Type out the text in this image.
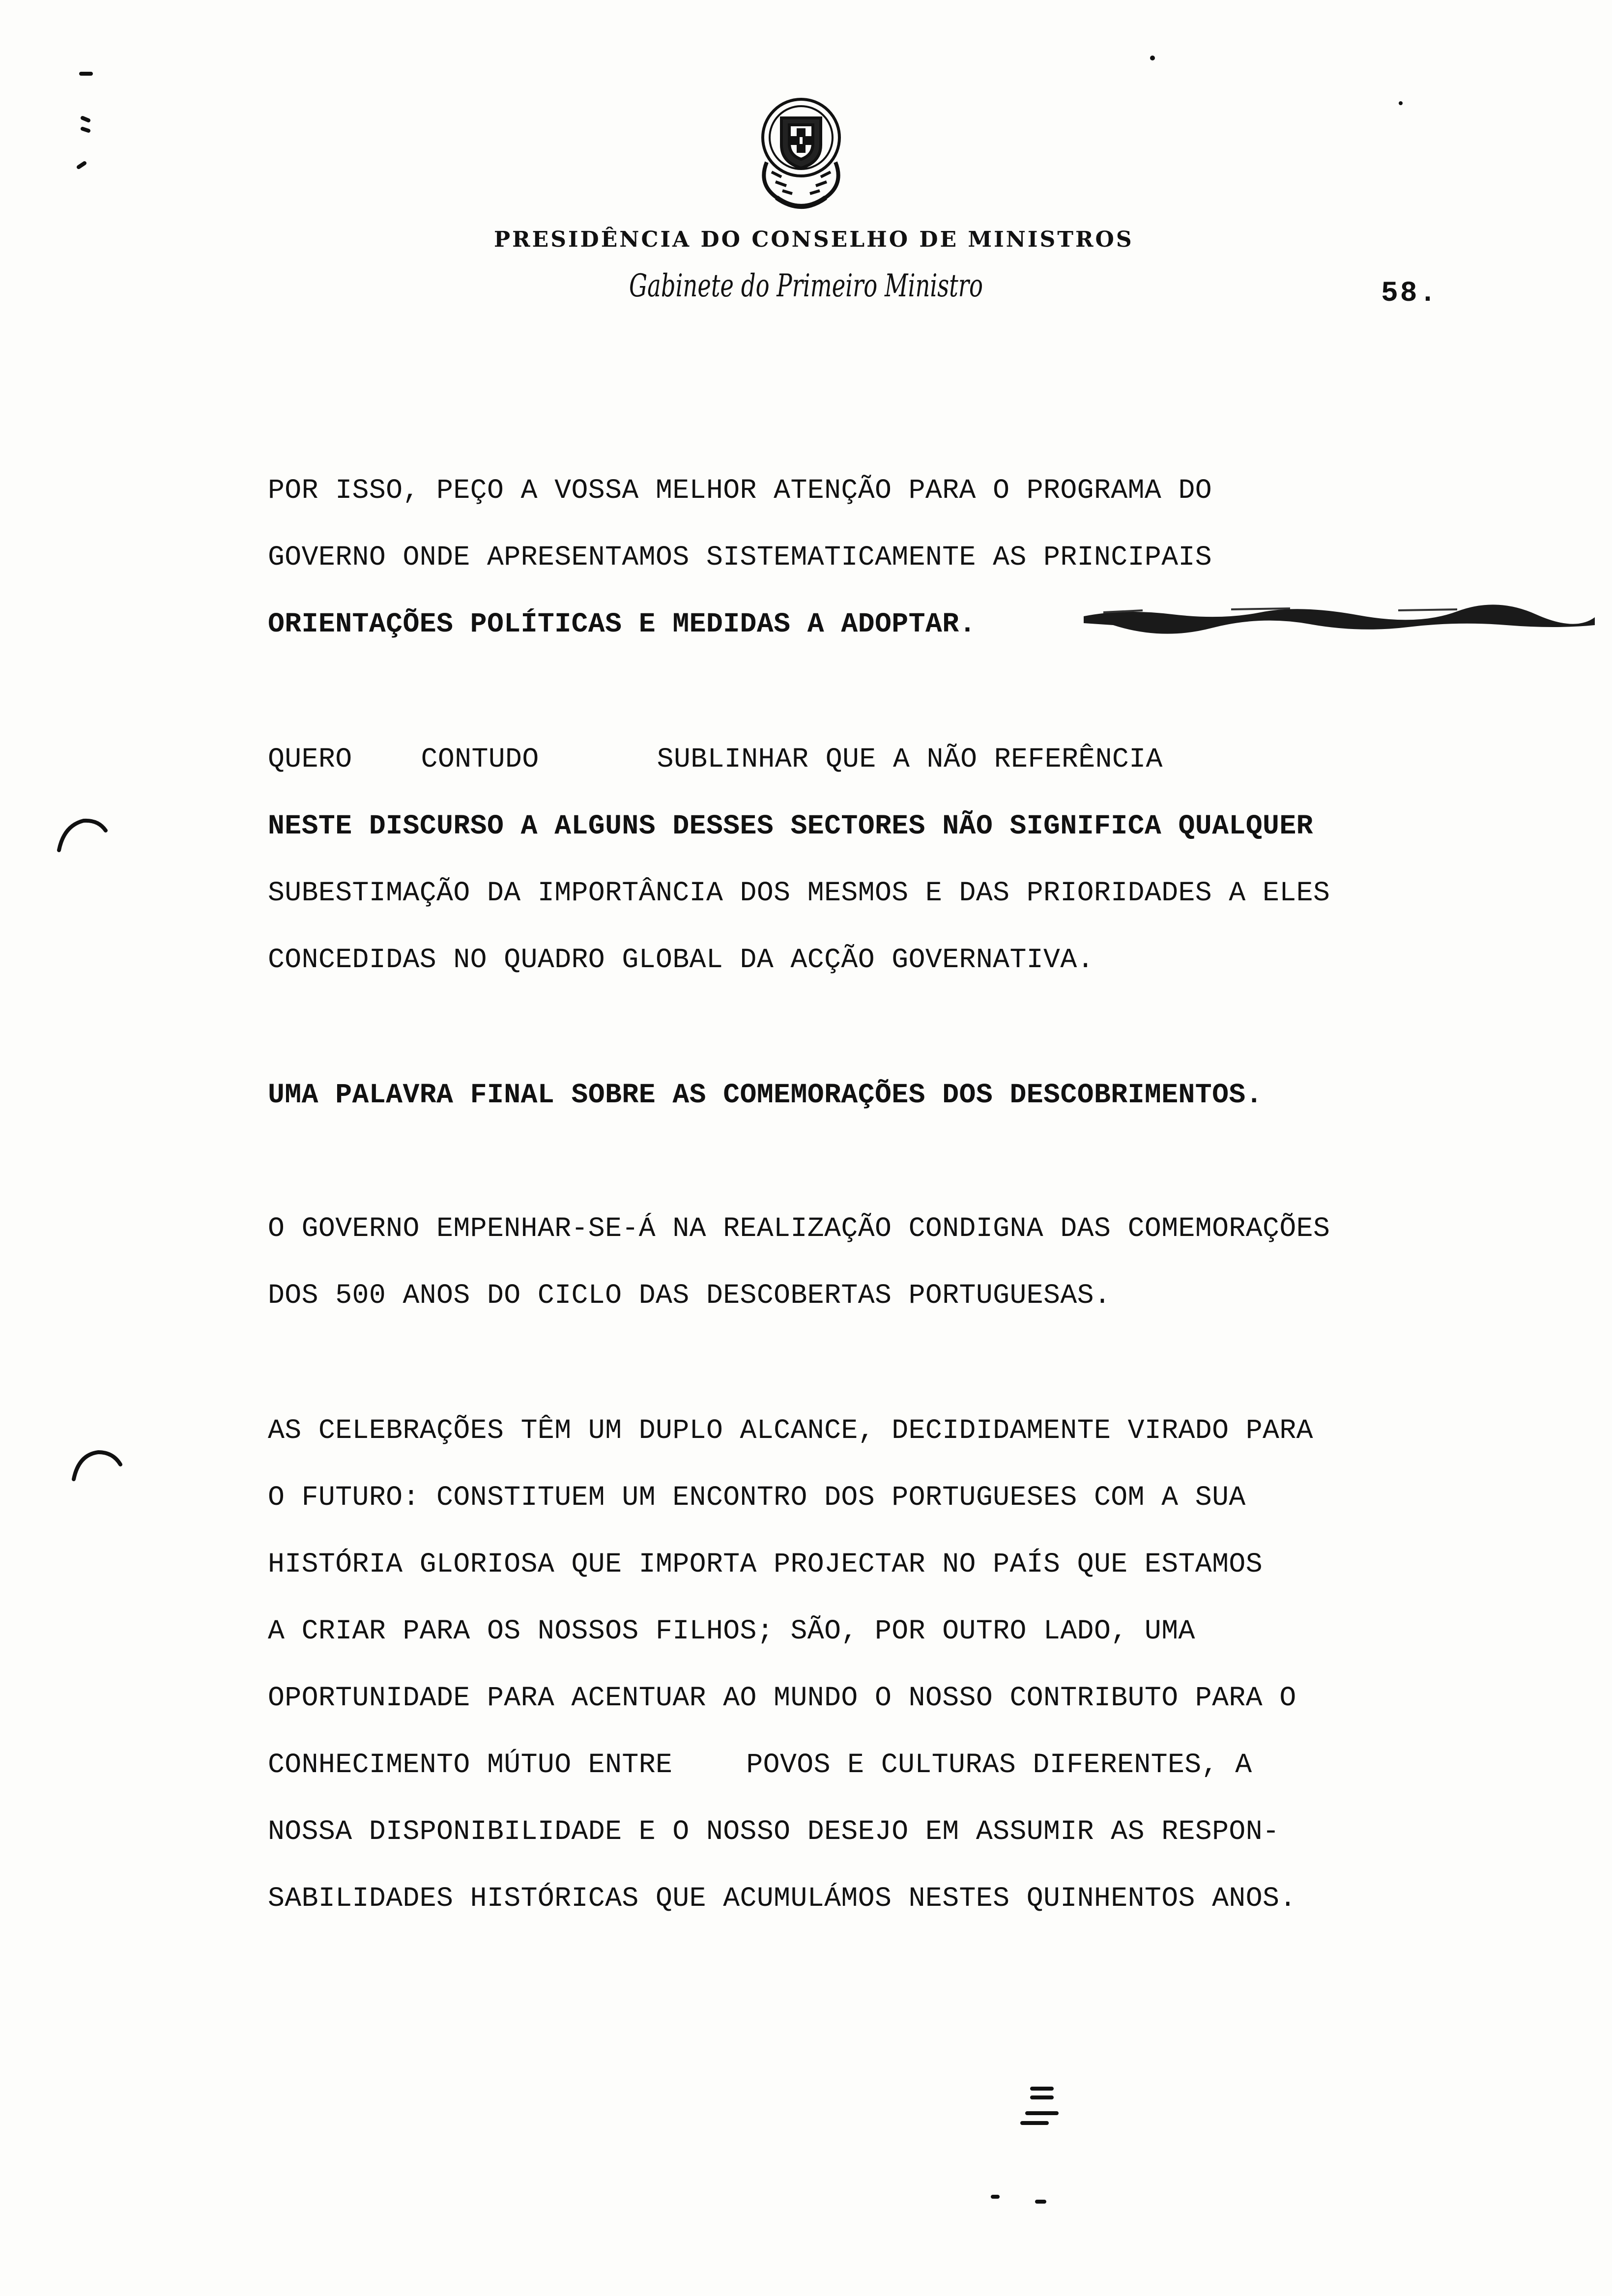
PRESIDÊNCIA DO CONSELHO DE MINISTROS
Gabinete do Primeiro Ministro	58.
POR ISSO, PEÇO A VOSSA MELHOR ATENÇÃO PARA O PROGRAMA DO
GOVERNO ONDE APRESENTAMOS SISTEMATICAMENTE AS PRINCIPAIS
ORIENTAÇÕES POLÍTICAS E MEDIDAS A ADOPTAR.
QUERO CONTUDO	SUBLINHAR QUE A NÃO REFERÊNCIA
NESTE DISCURSO A ALGUNS DESSES SECTORES NÃO SIGNIFICA QUALQUER
SUBESTIMAÇÃO DA IMPORTÂNCIA DOS MESMOS E DAS PRIORIDADES A ELES
CONCEDIDAS NO QUADRO GLOBAL DA ACÇÃO GOVERNATIVA.
UMA PALAVRA FINAL SOBRE AS COMEMORAÇÕES DOS DESCOBRIMENTOS.
O GOVERNO EMPENHAR-SE-Á NA REALIZAÇÃO CONDIGNA DAS COMEMORAÇÕES
DOS 500 ANOS DO CICLO DAS DESCOBERTAS PORTUGUESAS.
AS CELEBRAÇÕES TÊM UM DUPLO ALCANCE, DECIDIDAMENTE VIRADO PARA
O FUTURO: CONSTITUEM UM ENCONTRO DOS PORTUGUESES COM A SUA
HISTÓRIA GLORIOSA QUE IMPORTA PROJECTAR NO PAÍS QUE ESTAMOS
A CRIAR PARA OS NOSSOS FILHOS; SÃO, POR OUTRO LADO, UMA
OPORTUNIDADE PARA ACENTUAR AO MUNDO O NOSSO CONTRIBUTO PARA O
CONHECIMENTO MÚTUO ENTRE	POVOS E CULTURAS DIFERENTES, A
NOSSA DISPONIBILIDADE E O NOSSO DESEJO EM ASSUMIR AS RESPON-
SABILIDADES HISTÓRICAS QUE ACUMULÁMOS NESTES QUINHENTOS ANOS.
